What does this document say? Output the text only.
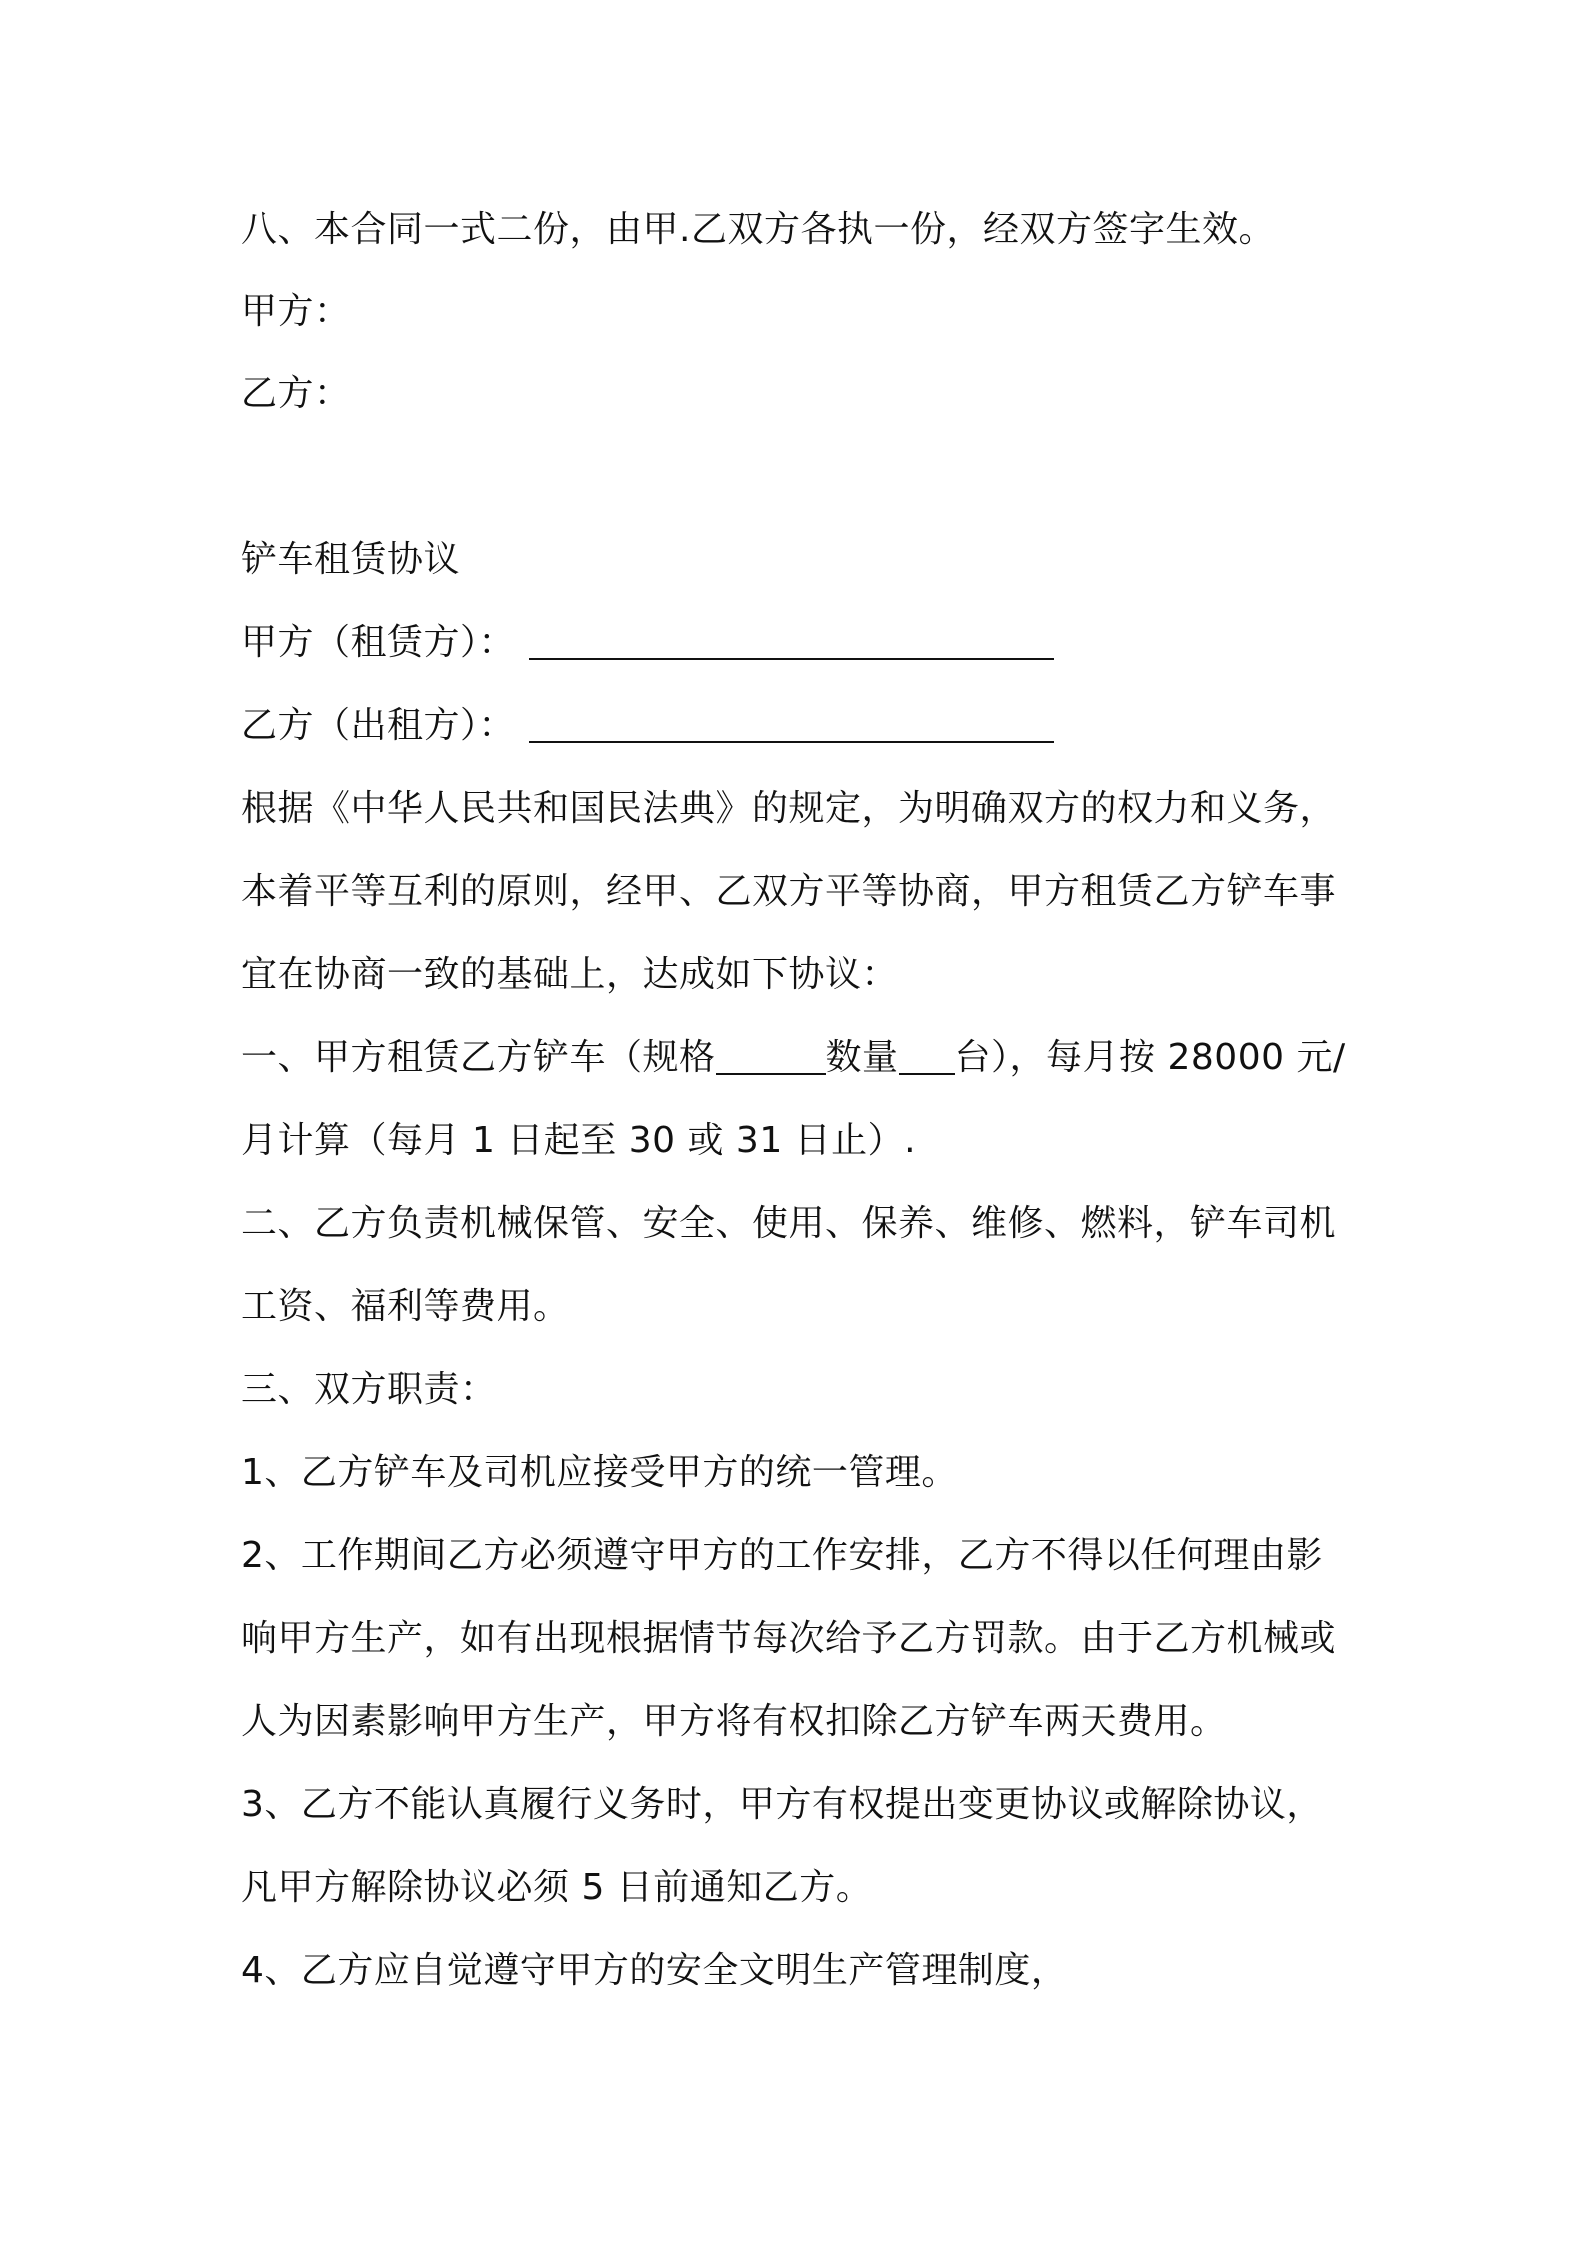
八、本合同一式二份，由甲.乙双方各执一份，经双方签字生效。
甲方：
乙方：
铲车租赁协议
甲方（租赁方）：
乙方（出租方）：
根据《中华人民共和国民法典》的规定，为明确双方的权力和义务，
本着平等互利的原则，经甲、乙双方平等协商，甲方租赁乙方铲车事
宜在协商一致的基础上，达成如下协议：
一、甲方租赁乙方铲车（规格	数量 台），每月按 28000 元/
月计算（每月 1 日起至 30 或 31 日止）.
二、乙方负责机械保管、安全、使用、保养、维修、燃料，铲车司机
工资、福利等费用。
三、双方职责：
1、乙方铲车及司机应接受甲方的统一管理。
2、工作期间乙方必须遵守甲方的工作安排，乙方不得以任何理由影
响甲方生产，如有出现根据情节每次给予乙方罚款。由于乙方机械或
人为因素影响甲方生产，甲方将有权扣除乙方铲车两天费用。
3、乙方不能认真履行义务时，甲方有权提出变更协议或解除协议，
凡甲方解除协议必须 5 日前通知乙方。
4、乙方应自觉遵守甲方的安全文明生产管理制度，
